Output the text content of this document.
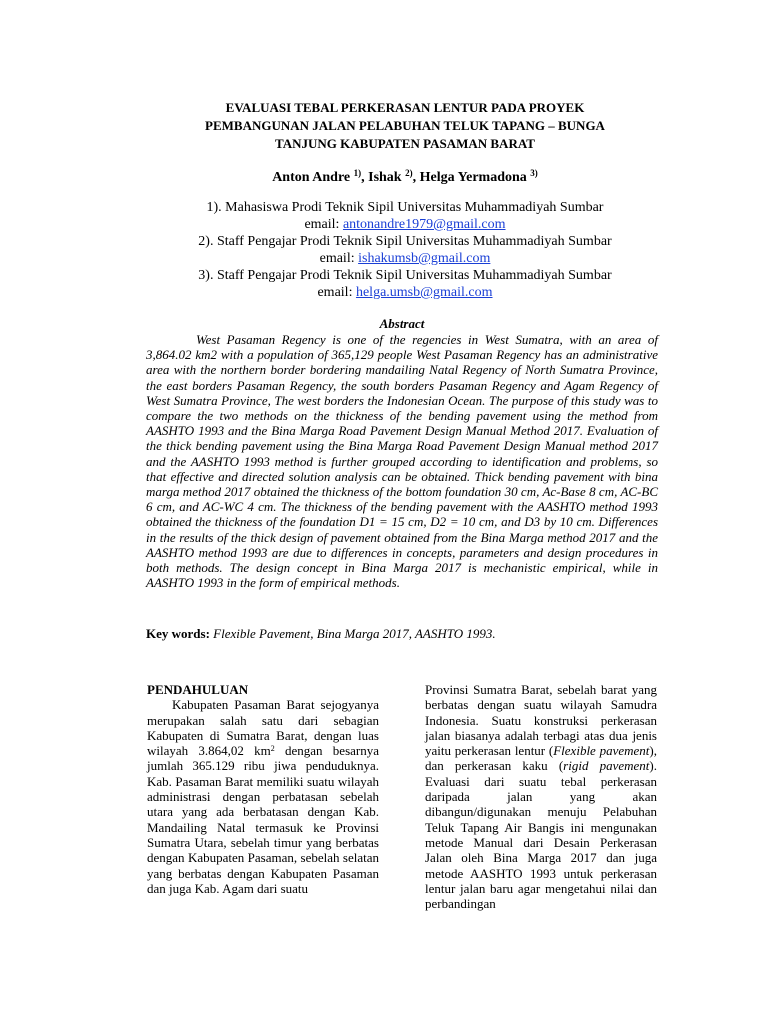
EVALUASI TEBAL PERKERASAN LENTUR PADA PROYEK
PEMBANGUNAN JALAN PELABUHAN TELUK TAPANG – BUNGA
TANJUNG KABUPATEN PASAMAN BARAT
Anton Andre $^{1)}$, Ishak $^{2)}$, Helga Yermadona $^{3)}$
1). Mahasiswa Prodi Teknik Sipil Universitas Muhammadiyah Sumbar
email: antonandre1979@gmail.com
2). Staff Pengajar Prodi Teknik Sipil Universitas Muhammadiyah Sumbar
email: ishakumsb@gmail.com
3). Staff Pengajar Prodi Teknik Sipil Universitas Muhammadiyah Sumbar
email: helga.umsb@gmail.com
Abstract
West Pasaman Regency is one of the regencies in West Sumatra, with an area of 3,864.02 km2 with a population of 365,129 people West Pasaman Regency has an administrative area with the northern border bordering mandailing Natal Regency of North Sumatra Province, the east borders Pasaman Regency, the south borders Pasaman Regency and Agam Regency of West Sumatra Province, The west borders the Indonesian Ocean. The purpose of this study was to compare the two methods on the thickness of the bending pavement using the method from AASHTO 1993 and the Bina Marga Road Pavement Design Manual Method 2017. Evaluation of the thick bending pavement using the Bina Marga Road Pavement Design Manual method 2017 and the AASHTO 1993 method is further grouped according to identification and problems, so that effective and directed solution analysis can be obtained. Thick bending pavement with bina marga method 2017 obtained the thickness of the bottom foundation 30 cm, Ac-Base 8 cm, AC-BC 6 cm, and AC-WC 4 cm. The thickness of the bending pavement with the AASHTO method 1993 obtained the thickness of the foundation D1 = 15 cm, D2 = 10 cm, and D3 by 10 cm. Differences in the results of the thick design of pavement obtained from the Bina Marga method 2017 and the AASHTO method 1993 are due to differences in concepts, parameters and design procedures in both methods. The design concept in Bina Marga 2017 is mechanistic empirical, while in AASHTO 1993 in the form of empirical methods.
Key words: Flexible Pavement, Bina Marga 2017, AASHTO 1993.
PENDAHULUAN

Kabupaten Pasaman Barat sejogyanya merupakan salah satu dari sebagian Kabupaten di Sumatra Barat, dengan luas wilayah 3.864,02 $km^2$ dengan besarnya jumlah 365.129 ribu jiwa penduduknya. Kab. Pasaman Barat memiliki suatu wilayah administrasi dengan perbatasan sebelah utara yang ada berbatasan dengan Kab. Mandailing Natal termasuk ke Provinsi Sumatra Utara, sebelah timur yang berbatas dengan Kabupaten Pasaman, sebelah selatan yang berbatas dengan Kabupaten Pasaman dan juga Kab. Agam dari suatu

Provinsi Sumatra Barat, sebelah barat yang berbatas dengan suatu wilayah Samudra Indonesia. Suatu konstruksi perkerasan jalan biasanya adalah terbagi atas dua jenis yaitu perkerasan lentur (Flexible pavement), dan perkerasan kaku (rigid pavement). Evaluasi dari suatu tebal perkerasan daripada jalan yang akan dibangun/digunakan menuju Pelabuhan Teluk Tapang Air Bangis ini mengunakan metode Manual dari Desain Perkerasan Jalan oleh Bina Marga 2017 dan juga metode AASHTO 1993 untuk perkerasan lentur jalan baru agar mengetahui nilai dan perbandingan
